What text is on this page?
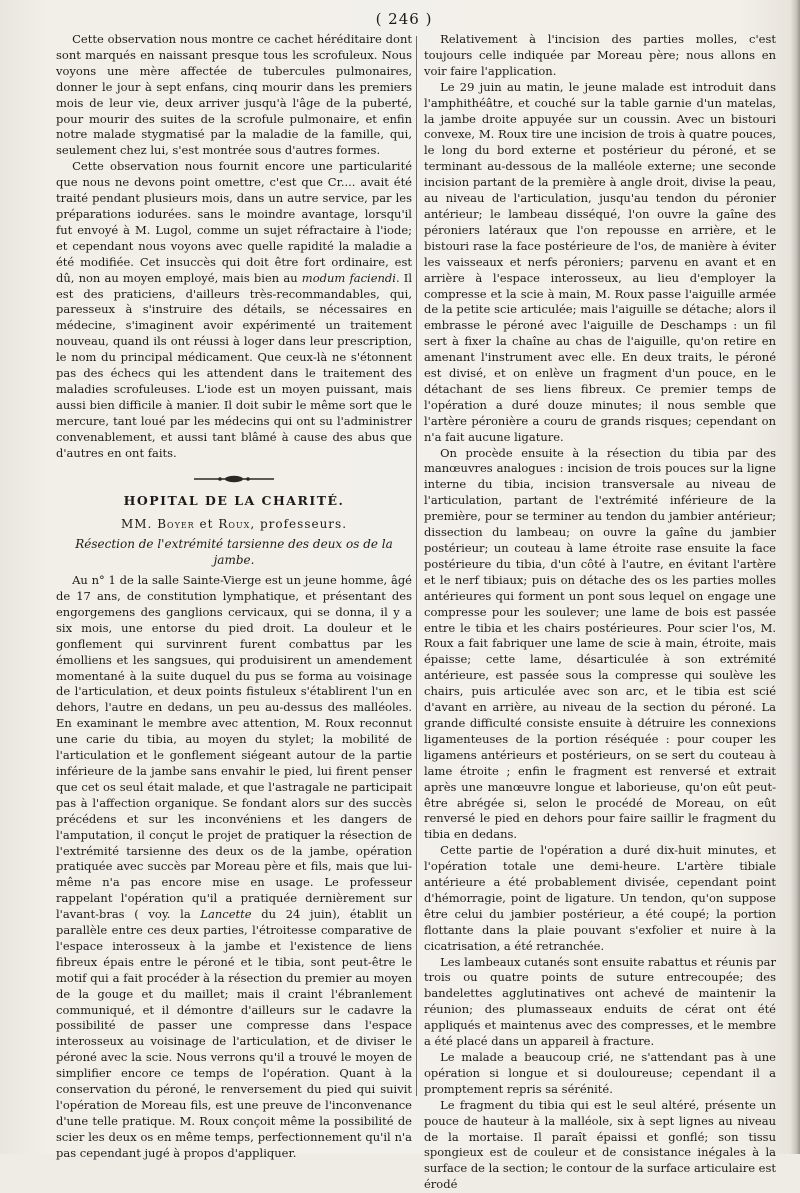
( 246 )

Cette observation nous montre ce cachet héréditaire dont sont marqués en naissant presque tous les scrofuleux. Nous voyons une mère affectée de tubercules pulmonaires, donner le jour à sept enfans, cinq mourir dans les premiers mois de leur vie, deux arriver jusqu'à l'âge de la puberté, pour mourir des suites de la scrofule pulmonaire, et enfin notre malade stygmatisé par la maladie de la famille, qui, seulement chez lui, s'est montrée sous d'autres formes.

Cette observation nous fournit encore une particularité que nous ne devons point omettre, c'est que Cr.... avait été traité pendant plusieurs mois, dans un autre service, par les préparations iodurées. sans le moindre avantage, lorsqu'il fut envoyé à M. Lugol, comme un sujet réfractaire à l'iode; et cependant nous voyons avec quelle rapidité la maladie a été modifiée. Cet insuccès qui doit être fort ordinaire, est dû, non au moyen employé, mais bien au modum faciendi. Il est des praticiens, d'ailleurs très-recommandables, qui, paresseux à s'instruire des détails, se nécessaires en médecine, s'imaginent avoir expérimenté un traitement nouveau, quand ils ont réussi à loger dans leur prescription, le nom du principal médicament. Que ceux-là ne s'étonnent pas des échecs qui les attendent dans le traitement des maladies scrofuleuses. L'iode est un moyen puissant, mais aussi bien difficile à manier. Il doit subir le même sort que le mercure, tant loué par les médecins qui ont su l'administrer convenablement, et aussi tant blâmé à cause des abus que d'autres en ont faits.

HOPITAL DE LA CHARITÉ.
MM. Boyer et Roux, professeurs.
Résection de l'extrémité tarsienne des deux os de la jambe.

Au n° 1 de la salle Sainte-Vierge est un jeune homme, âgé de 17 ans, de constitution lymphatique, et présentant des engorgemens des ganglions cervicaux, qui se donna, il y a six mois, une entorse du pied droit. La douleur et le gonflement qui survinrent furent combattus par les émolliens et les sangsues, qui produisirent un amendement momentané à la suite duquel du pus se forma au voisinage de l'articulation, et deux points fistuleux s'établirent l'un en dehors, l'autre en dedans, un peu au-dessus des malléoles. En examinant le membre avec attention, M. Roux reconnut une carie du tibia, au moyen du stylet; la mobilité de l'articulation et le gonflement siégeant autour de la partie inférieure de la jambe sans envahir le pied, lui firent penser que cet os seul était malade, et que l'astragale ne participait pas à l'affection organique. Se fondant alors sur des succès précédens et sur les inconvéniens et les dangers de l'amputation, il conçut le projet de pratiquer la résection de l'extrémité tarsienne des deux os de la jambe, opération pratiquée avec succès par Moreau père et fils, mais que lui-même n'a pas encore mise en usage. Le professeur rappelant l'opération qu'il a pratiquée dernièrement sur l'avant-bras ( voy. la Lancette du 24 juin), établit un parallèle entre ces deux parties, l'étroitesse comparative de l'espace interosseux à la jambe et l'existence de liens fibreux épais entre le péroné et le tibia, sont peut-être le motif qui a fait procéder à la résection du premier au moyen de la gouge et du maillet; mais il craint l'ébranlement communiqué, et il démontre d'ailleurs sur le cadavre la possibilité de passer une compresse dans l'espace interosseux au voisinage de l'articulation, et de diviser le péroné avec la scie. Nous verrons qu'il a trouvé le moyen de simplifier encore ce temps de l'opération. Quant à la conservation du péroné, le renversement du pied qui suivit l'opération de Moreau fils, est une preuve de l'inconvenance d'une telle pratique. M. Roux conçoit même la possibilité de scier les deux os en même temps, perfectionnement qu'il n'a pas cependant jugé à propos d'appliquer.

Relativement à l'incision des parties molles, c'est toujours celle indiquée par Moreau père; nous allons en voir faire l'application.

Le 29 juin au matin, le jeune malade est introduit dans l'amphithéâtre, et couché sur la table garnie d'un matelas, la jambe droite appuyée sur un coussin. Avec un bistouri convexe, M. Roux tire une incision de trois à quatre pouces, le long du bord externe et postérieur du péroné, et se terminant au-dessous de la malléole externe; une seconde incision partant de la première à angle droit, divise la peau, au niveau de l'articulation, jusqu'au tendon du péronier antérieur; le lambeau disséqué, l'on ouvre la gaîne des péroniers latéraux que l'on repousse en arrière, et le bistouri rase la face postérieure de l'os, de manière à éviter les vaisseaux et nerfs péroniers; parvenu en avant et en arrière à l'espace interosseux, au lieu d'employer la compresse et la scie à main, M. Roux passe l'aiguille armée de la petite scie articulée; mais l'aiguille se détache; alors il embrasse le péroné avec l'aiguille de Deschamps : un fil sert à fixer la chaîne au chas de l'aiguille, qu'on retire en amenant l'instrument avec elle. En deux traits, le péroné est divisé, et on enlève un fragment d'un pouce, en le détachant de ses liens fibreux. Ce premier temps de l'opération a duré douze minutes; il nous semble que l'artère péronière a couru de grands risques; cependant on n'a fait aucune ligature.

On procède ensuite à la résection du tibia par des manœuvres analogues : incision de trois pouces sur la ligne interne du tibia, incision transversale au niveau de l'articulation, partant de l'extrémité inférieure de la première, pour se terminer au tendon du jambier antérieur; dissection du lambeau; on ouvre la gaîne du jambier postérieur; un couteau à lame étroite rase ensuite la face postérieure du tibia, d'un côté à l'autre, en évitant l'artère et le nerf tibiaux; puis on détache des os les parties molles antérieures qui forment un pont sous lequel on engage une compresse pour les soulever; une lame de bois est passée entre le tibia et les chairs postérieures. Pour scier l'os, M. Roux a fait fabriquer une lame de scie à main, étroite, mais épaisse; cette lame, désarticulée à son extrémité antérieure, est passée sous la compresse qui soulève les chairs, puis articulée avec son arc, et le tibia est scié d'avant en arrière, au niveau de la section du péroné. La grande difficulté consiste ensuite à détruire les connexions ligamenteuses de la portion réséquée : pour couper les ligamens antérieurs et postérieurs, on se sert du couteau à lame étroite ; enfin le fragment est renversé et extrait après une manœuvre longue et laborieuse, qu'on eût peut-être abrégée si, selon le procédé de Moreau, on eût renversé le pied en dehors pour faire saillir le fragment du tibia en dedans.

Cette partie de l'opération a duré dix-huit minutes, et l'opération totale une demi-heure. L'artère tibiale antérieure a été probablement divisée, cependant point d'hémorragie, point de ligature. Un tendon, qu'on suppose être celui du jambier postérieur, a été coupé; la portion flottante dans la plaie pouvant s'exfolier et nuire à la cicatrisation, a été retranchée.

Les lambeaux cutanés sont ensuite rabattus et réunis par trois ou quatre points de suture entrecoupée; des bandelettes agglutinatives ont achevé de maintenir la réunion; des plumasseaux enduits de cérat ont été appliqués et maintenus avec des compresses, et le membre a été placé dans un appareil à fracture.

Le malade a beaucoup crié, ne s'attendant pas à une opération si longue et si douloureuse; cependant il a promptement repris sa sérénité.

Le fragment du tibia qui est le seul altéré, présente un pouce de hauteur à la malléole, six à sept lignes au niveau de la mortaise. Il paraît épaissi et gonflé; son tissu spongieux est de couleur et de consistance inégales à la surface de la section; le contour de la surface articulaire est érodé
